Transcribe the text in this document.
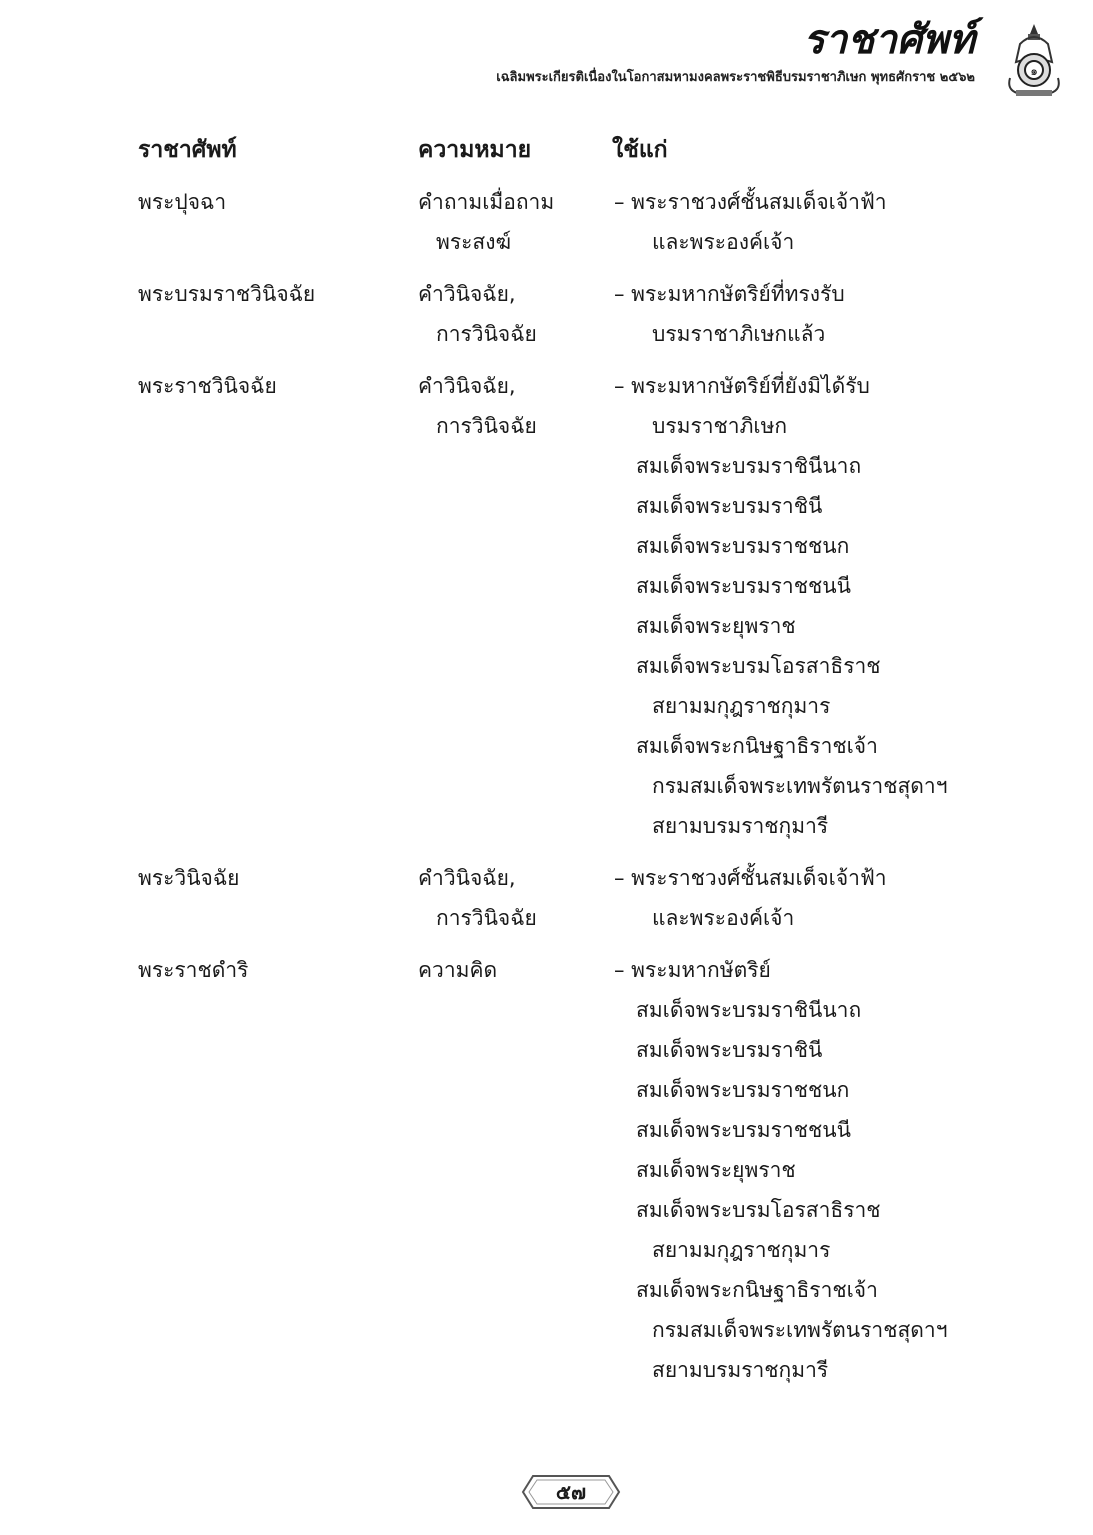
ราชาศัพท์
เฉลิมพระเกียรติเนื่องในโอกาสมหามงคลพระราชพิธีบรมราชาภิเษก พุทธศักราช ๒๕๖๒	๑
ราชาศัพท์	ความหมาย	ใช้แก่
พระปุจฉา	คำถามเมื่อถาม
พระสงฆ์
– พระราชวงศ์ชั้นสมเด็จเจ้าฟ้า
และพระองค์เจ้า
พระบรมราชวินิจฉัย	คำวินิจฉัย,
การวินิจฉัย
– พระมหากษัตริย์ที่ทรงรับ
บรมราชาภิเษกแล้ว
พระราชวินิจฉัย	คำวินิจฉัย,
การวินิจฉัย
– พระมหากษัตริย์ที่ยังมิได้รับ
บรมราชาภิเษก
สมเด็จพระบรมราชินีนาถ
สมเด็จพระบรมราชินี
สมเด็จพระบรมราชชนก
สมเด็จพระบรมราชชนนี
สมเด็จพระยุพราช
สมเด็จพระบรมโอรสาธิราช
สยามมกุฎราชกุมาร
สมเด็จพระกนิษฐาธิราชเจ้า
กรมสมเด็จพระเทพรัตนราชสุดาฯ
สยามบรมราชกุมารี
พระวินิจฉัย	คำวินิจฉัย,
การวินิจฉัย
– พระราชวงศ์ชั้นสมเด็จเจ้าฟ้า
และพระองค์เจ้า
พระราชดำริ	ความคิด	– พระมหากษัตริย์
สมเด็จพระบรมราชินีนาถ
สมเด็จพระบรมราชินี
สมเด็จพระบรมราชชนก
สมเด็จพระบรมราชชนนี
สมเด็จพระยุพราช
สมเด็จพระบรมโอรสาธิราช
สยามมกุฎราชกุมาร
สมเด็จพระกนิษฐาธิราชเจ้า
กรมสมเด็จพระเทพรัตนราชสุดาฯ
สยามบรมราชกุมารี
๕๗
